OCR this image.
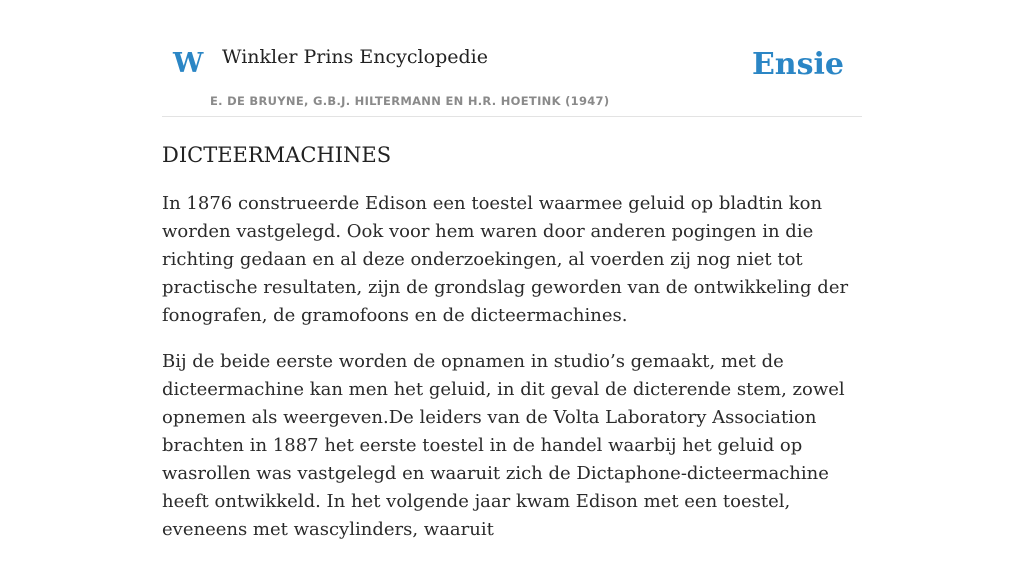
W Winkler Prins Encyclopedie
E. DE BRUYNE, G.B.J. HILTERMANN EN H.R. HOETINK (1947)
Ensie
DICTEERMACHINES

In 1876 construeerde Edison een toestel waarmee geluid op bladtin kon worden vastgelegd. Ook voor hem waren door anderen pogingen in die richting gedaan en al deze onderzoekingen, al voerden zij nog niet tot practische resultaten, zijn de grondslag geworden van de ontwikkeling der fonografen, de gramofoons en de dicteermachines.

Bij de beide eerste worden de opnamen in studio’s gemaakt, met de dicteermachine kan men het geluid, in dit geval de dicterende stem, zowel opnemen als weergeven.De leiders van de Volta Laboratory Association brachten in 1887 het eerste toestel in de handel waarbij het geluid op wasrollen was vastgelegd en waaruit zich de Dictaphone-dicteermachine heeft ontwikkeld. In het volgende jaar kwam Edison met een toestel, eveneens met wascylinders, waaruit
